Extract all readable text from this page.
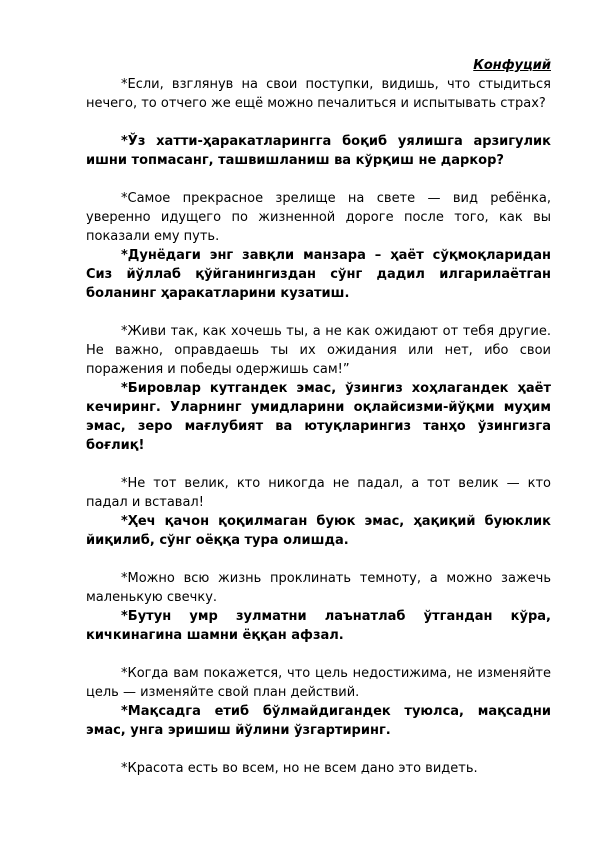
Конфуций

*Если, взглянув на свои поступки, видишь, что стыдиться нечего, то отчего же ещё можно печалиться и испытывать страх?

*Ўз хатти-ҳаракатларингга боқиб уялишга арзигулик ишни топмасанг, ташвишланиш ва кўрқиш не даркор?

*Самое прекрасное зрелище на свете — вид ребёнка, уверенно идущего по жизненной дороге после того, как вы показали ему путь.

*Дунёдаги энг завқли манзара – ҳаёт сўқмоқларидан Сиз йўллаб қўйганингиздан сўнг дадил илгарилаётган боланинг ҳаракатларини кузатиш.

*Живи так, как хочешь ты, а не как ожидают от тебя другие. Не важно, оправдаешь ты их ожидания или нет, ибо свои поражения и победы одержишь сам!”

*Бировлар кутгандек эмас, ўзингиз хоҳлагандек ҳаёт кечиринг. Уларнинг умидларини оқлайсизми-йўқми муҳим эмас, зеро мағлубият ва ютуқларингиз танҳо ўзингизга боғлиқ!

*Не тот велик, кто никогда не падал, а тот велик — кто падал и вставал!

*Ҳеч қачон қоқилмаган буюк эмас, ҳақиқий буюклик йиқилиб, сўнг оёққа тура олишда.

*Можно всю жизнь проклинать темноту, а можно зажечь маленькую свечку.

*Бутун умр зулматни лаънатлаб ўтгандан кўра, кичкинагина шамни ёққан афзал.

*Когда вам покажется, что цель недостижима, не изменяйте цель — изменяйте свой план действий.

*Мақсадга етиб бўлмайдигандек туюлса, мақсадни эмас, унга эришиш йўлини ўзгартиринг.

*Красота есть во всем, но не всем дано это видеть.
